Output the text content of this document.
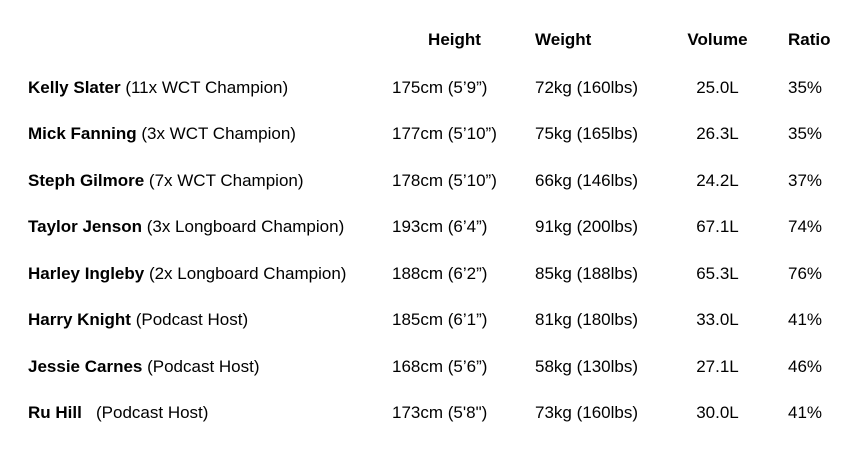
	Height	Weight	Volume	Ratio
Kelly Slater (11x WCT Champion)	175cm (5’9”)	72kg (160lbs)	25.0L	35%
Mick Fanning (3x WCT Champion)	177cm (5’10”)	75kg (165lbs)	26.3L	35%
Steph Gilmore (7x WCT Champion)	178cm (5’10”)	66kg (146lbs)	24.2L	37%
Taylor Jenson (3x Longboard Champion)	193cm (6’4”)	91kg (200lbs)	67.1L	74%
Harley Ingleby (2x Longboard Champion)	188cm (6’2”)	85kg (188lbs)	65.3L	76%
Harry Knight (Podcast Host)	185cm (6’1”)	81kg (180lbs)	33.0L	41%
Jessie Carnes (Podcast Host)	168cm (5’6”)	58kg (130lbs)	27.1L	46%
Ru Hill   (Podcast Host)	173cm (5'8")	73kg (160lbs)	30.0L	41%
